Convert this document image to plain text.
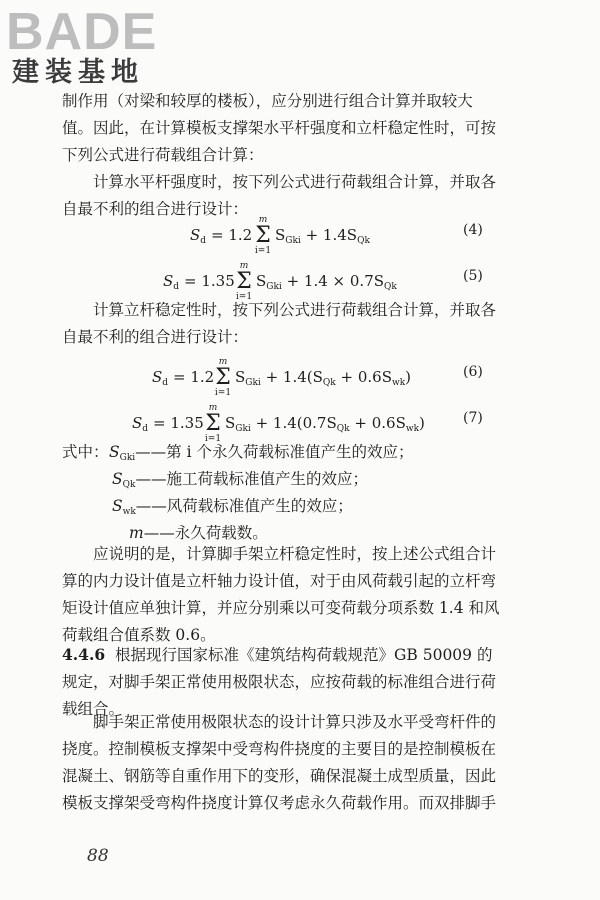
BADE
建装基地

制作用（对梁和较厚的楼板），应分别进行组合计算并取较大值。因此，在计算模板支撑架水平杆强度和立杆稳定性时，可按下列公式进行荷载组合计算：

计算水平杆强度时，按下列公式进行荷载组合计算，并取各自最不利的组合进行设计：

$S_d = 1.2$
m
Σ
i=1
$S_{Gki} + 1.4S_{Qk}$
(4)
$S_d = 1.35$
m
Σ
i=1
$S_{Gki} + 1.4 \times 0.7S_{Qk}$
(5)

计算立杆稳定性时，按下列公式进行荷载组合计算，并取各自最不利的组合进行设计：

$S_d = 1.2$
m
Σ
i=1
$S_{Gki} + 1.4(S_{Qk} + 0.6S_{wk})$	(6)
$S_d = 1.35$
m
Σ
i=1
$S_{Gki} + 1.4(0.7S_{Qk} + 0.6S_{wk})$	(7)
式中： $S_{Gki}——$第 i 个永久荷载标准值产生的效应；
$S_{Qk}——$施工荷载标准值产生的效应；
$S_{wk}——$风荷载标准值产生的效应；
m——永久荷载数。

应说明的是，计算脚手架立杆稳定性时，按上述公式组合计算的内力设计值是立杆轴力设计值，对于由风荷载引起的立杆弯矩设计值应单独计算，并应分别乘以可变荷载分项系数 1.4 和风荷载组合值系数 0.6。

4.4.6 根据现行国家标准《建筑结构荷载规范》GB 50009 的规定，对脚手架正常使用极限状态，应按荷载的标准组合进行荷载组合。

脚手架正常使用极限状态的设计计算只涉及水平受弯杆件的挠度。控制模板支撑架中受弯构件挠度的主要目的是控制模板在混凝土、钢筋等自重作用下的变形，确保混凝土成型质量，因此模板支撑架受弯构件挠度计算仅考虑永久荷载作用。而双排脚手

88
